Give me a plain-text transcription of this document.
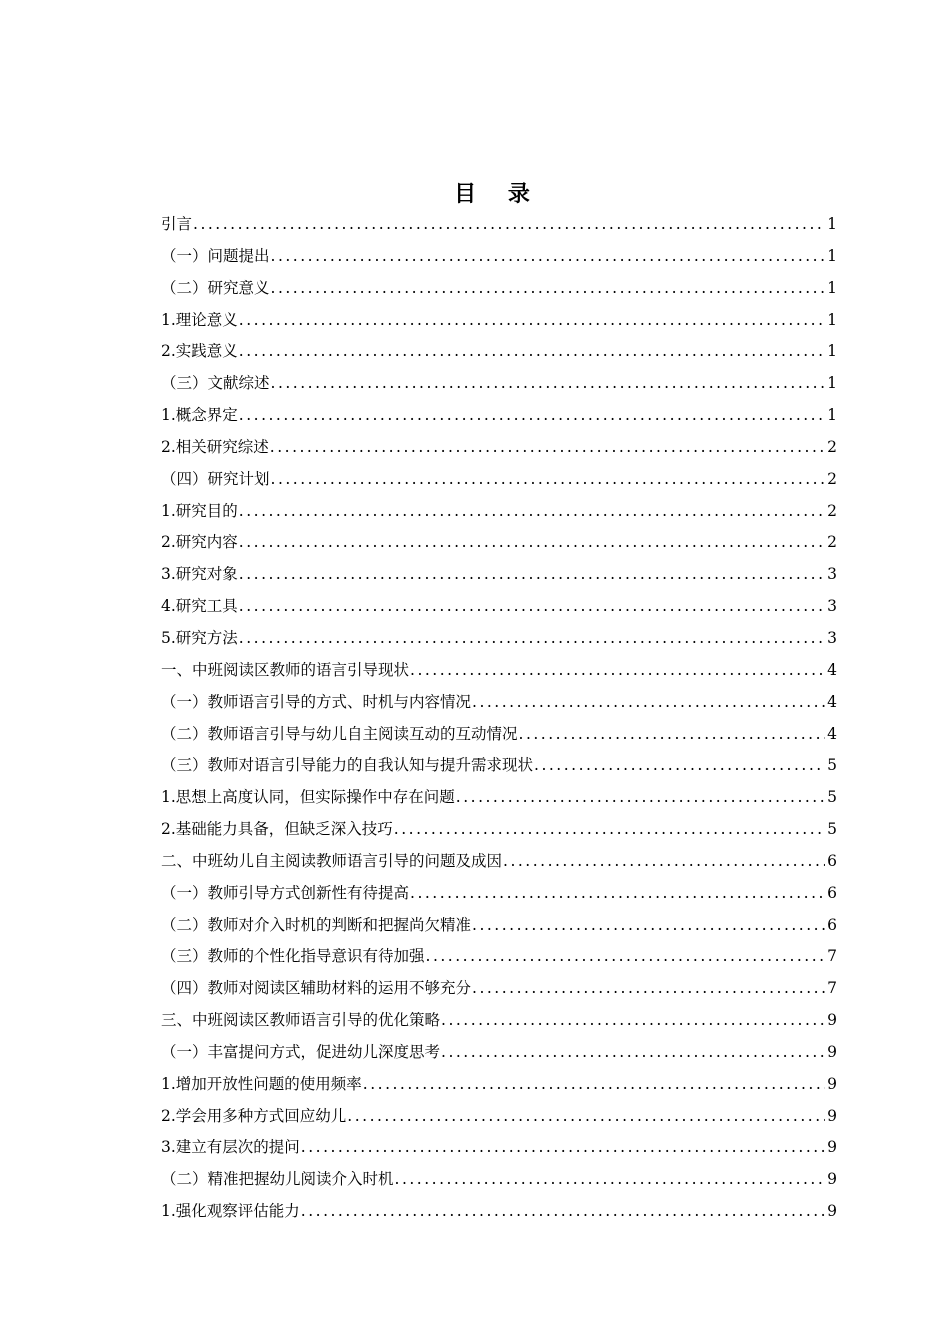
目 录
引言 .....	1
（一）问题提出 .....	1
（二）研究意义 .....	1
1.理论意义 .....	1
2.实践意义 .....	1
（三）文献综述 .....	1
1.概念界定 .....	1
2.相关研究综述 .....	2
（四）研究计划 .....	2
1.研究目的 .....	2
2.研究内容 .....	2
3.研究对象 .....	3
4.研究工具 .....	3
5.研究方法 .....	3
一、中班阅读区教师的语言引导现状 .....	4
（一）教师语言引导的方式、时机与内容情况 .....	4
（二）教师语言引导与幼儿自主阅读互动的互动情况 .....	4
（三）教师对语言引导能力的自我认知与提升需求现状 .....	5
1.思想上高度认同，但实际操作中存在问题 .....	5
2.基础能力具备，但缺乏深入技巧 .....	5
二、中班幼儿自主阅读教师语言引导的问题及成因 .....	6
（一）教师引导方式创新性有待提高 .....	6
（二）教师对介入时机的判断和把握尚欠精准 .....	6
（三）教师的个性化指导意识有待加强 .....	7
（四）教师对阅读区辅助材料的运用不够充分 .....	7
三、中班阅读区教师语言引导的优化策略 .....	9
（一）丰富提问方式，促进幼儿深度思考 .....	9
1.增加开放性问题的使用频率 .....	9
2.学会用多种方式回应幼儿 .....	9
3.建立有层次的提问 .....	9
（二）精准把握幼儿阅读介入时机 .....	9
1.强化观察评估能力 .....	9
